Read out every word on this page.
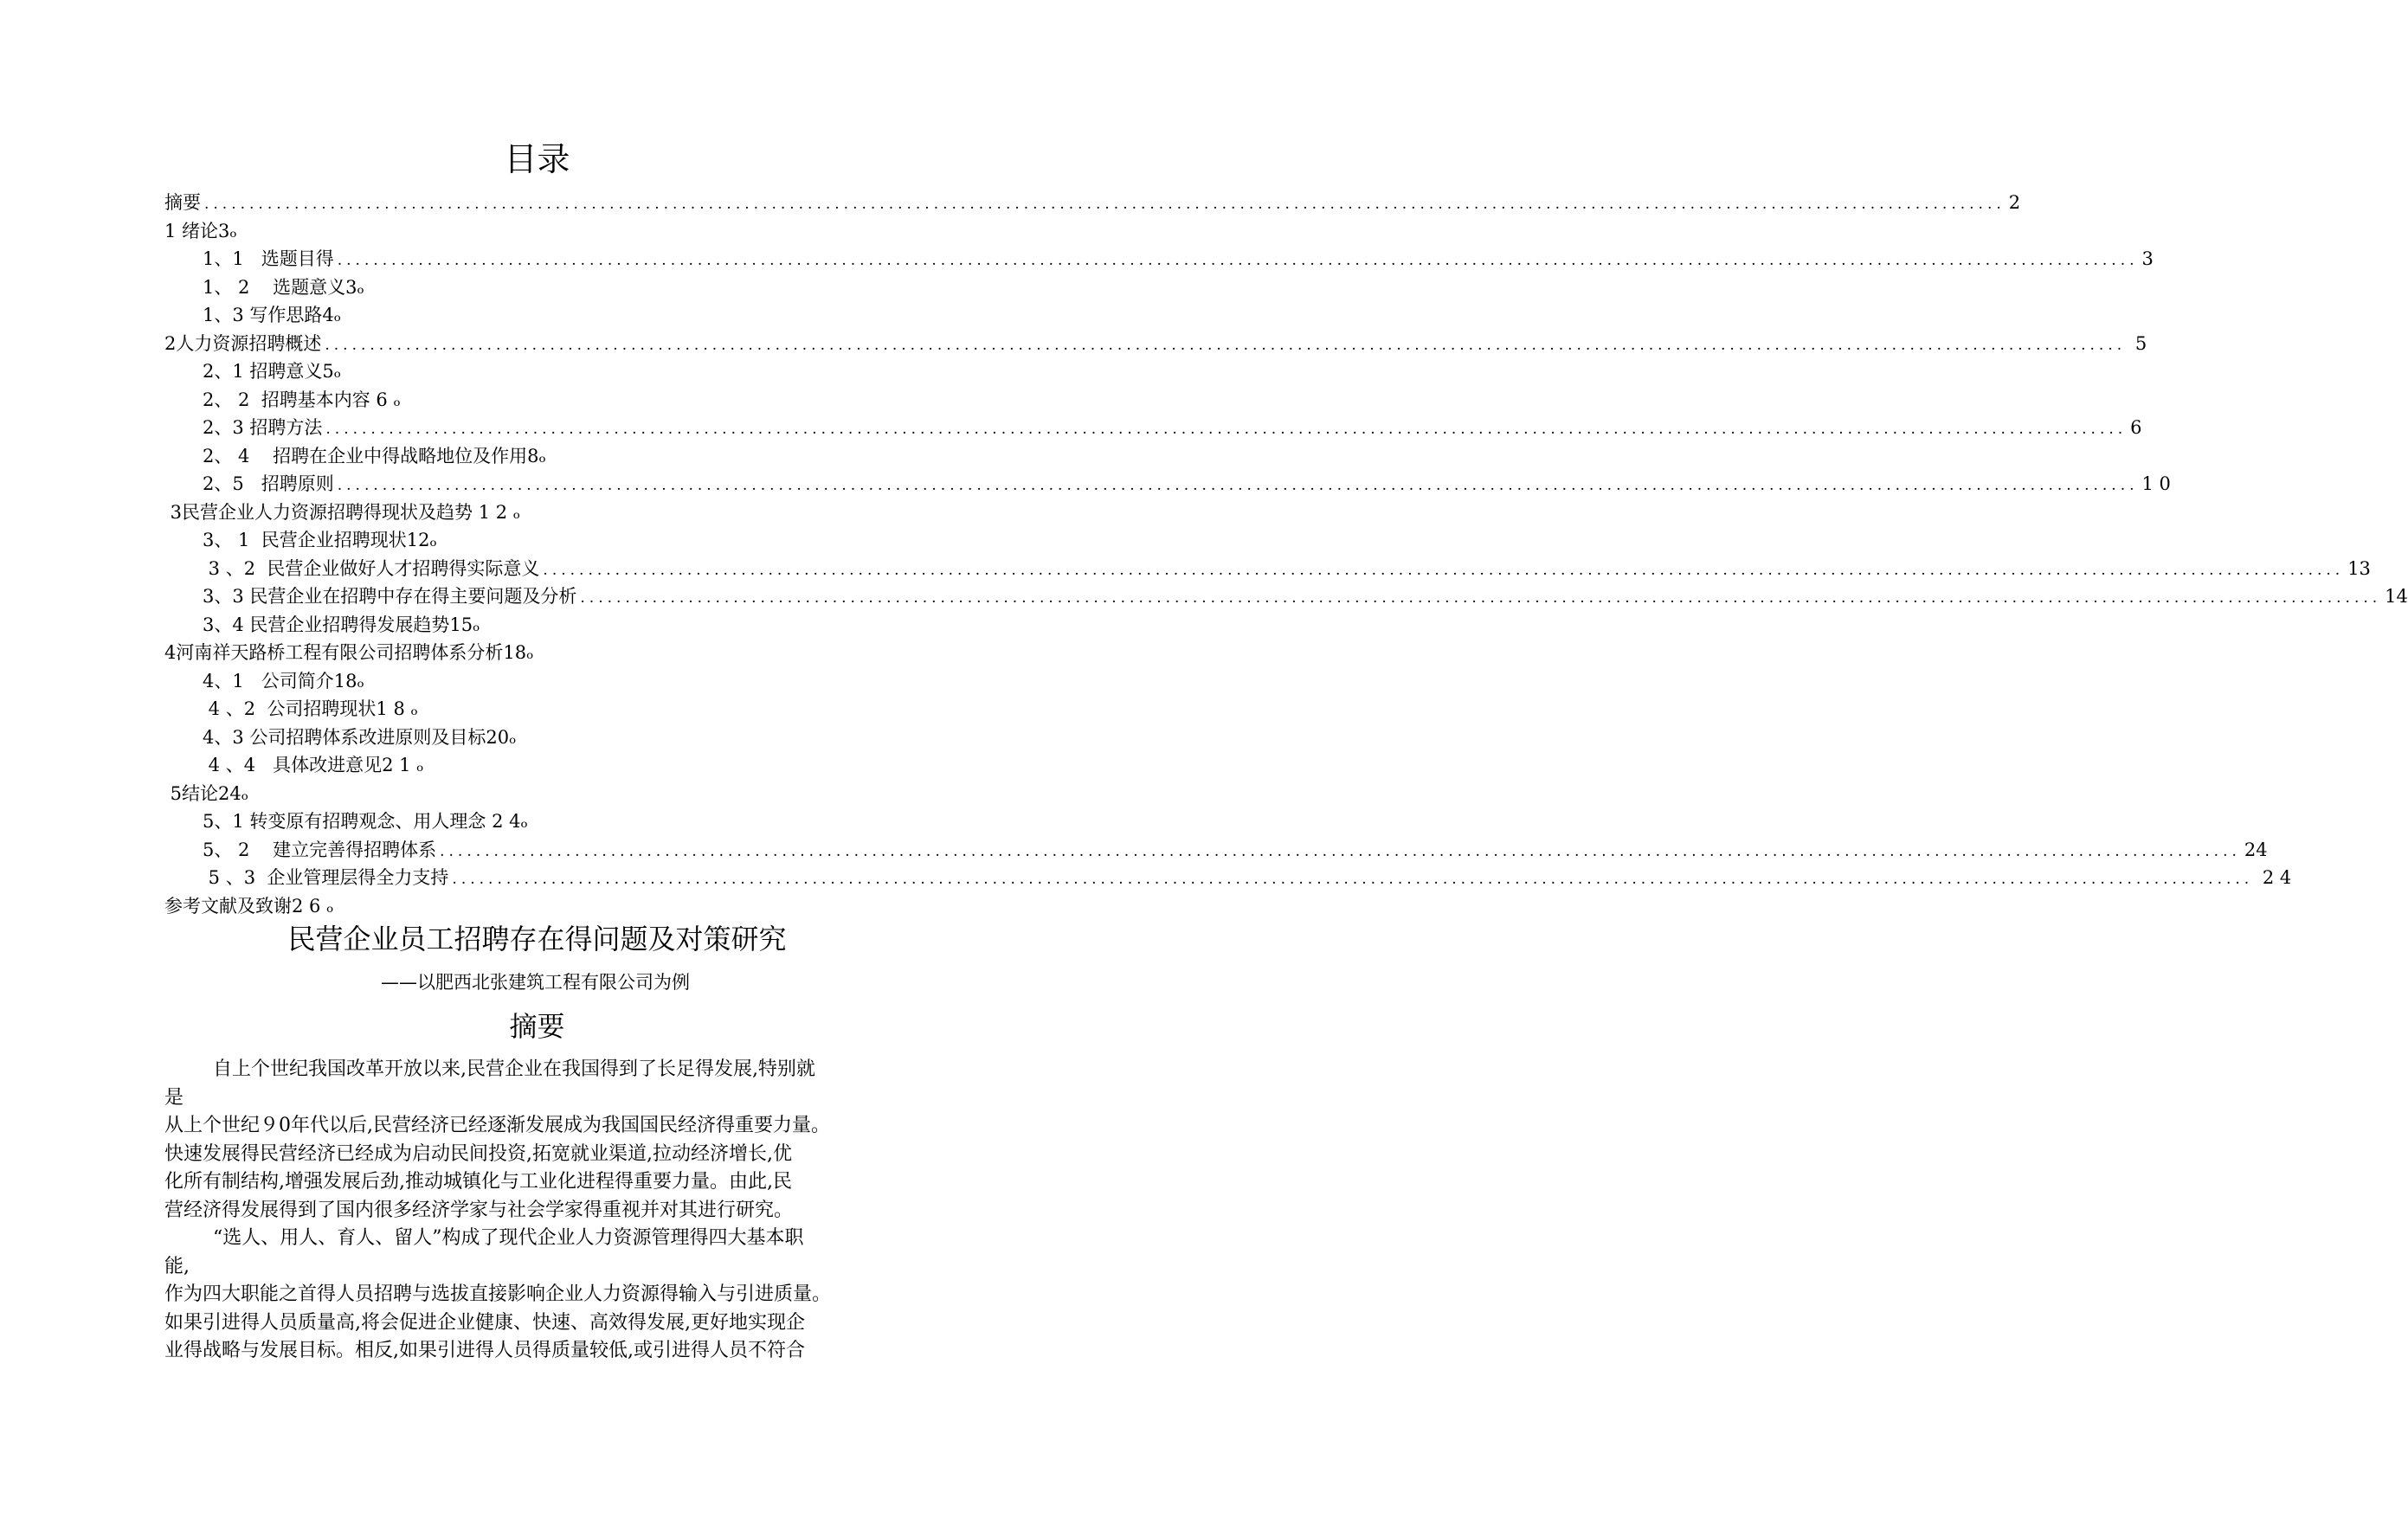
目录
摘要 ........................................................................................................................................................................................................ 2
1 绪论3ₒ
1、1   选题目得 ........................................................................................................................................................................................................ 3
1、 2    选题意义3ₒ
1、3 写作思路4ₒ
2人力资源招聘概述 ........................................................................................................................................................................................................ 5
2、1 招聘意义5ₒ
2、 2  招聘基本内容 6 ₒ
2、3 招聘方法 ........................................................................................................................................................................................................ 6
2、 4    招聘在企业中得战略地位及作用8ₒ
2、5   招聘原则 ........................................................................................................................................................................................................ 1 0
3民营企业人力资源招聘得现状及趋势 1 2 ₒ
3、 1  民营企业招聘现状12ₒ
3 、2  民营企业做好人才招聘得实际意义 ........................................................................................................................................................................................................ 13
3、3 民营企业在招聘中存在得主要问题及分析 ........................................................................................................................................................................................................ 14
3、4 民营企业招聘得发展趋势15ₒ
4河南祥天路桥工程有限公司招聘体系分析18ₒ
4、1   公司简介18ₒ
4 、2  公司招聘现状1 8 ₒ
4、3 公司招聘体系改进原则及目标20ₒ
4 、4   具体改进意见2 1 ₒ
5结论24ₒ
5、1 转变原有招聘观念、用人理念 2 4ₒ
5、 2    建立完善得招聘体系 ........................................................................................................................................................................................................ 24
5 、3  企业管理层得全力支持 ........................................................................................................................................................................................................ 2 4
参考文献及致谢2 6 ₒ
民营企业员工招聘存在得问题及对策研究
——以肥西北张建筑工程有限公司为例
摘要
自上个世纪我国改革开放以来,民营企业在我国得到了长足得发展,特别就
是
从上个世纪９0年代以后,民营经济已经逐渐发展成为我国国民经济得重要力量。
快速发展得民营经济已经成为启动民间投资,拓宽就业渠道,拉动经济增长,优
化所有制结构,增强发展后劲,推动城镇化与工业化进程得重要力量。由此,民
营经济得发展得到了国内很多经济学家与社会学家得重视并对其进行研究。
“选人、用人、育人、留人”构成了现代企业人力资源管理得四大基本职
能,
作为四大职能之首得人员招聘与选拔直接影响企业人力资源得输入与引进质量。
如果引进得人员质量高,将会促进企业健康、快速、高效得发展,更好地实现企
业得战略与发展目标。相反,如果引进得人员得质量较低,或引进得人员不符合
